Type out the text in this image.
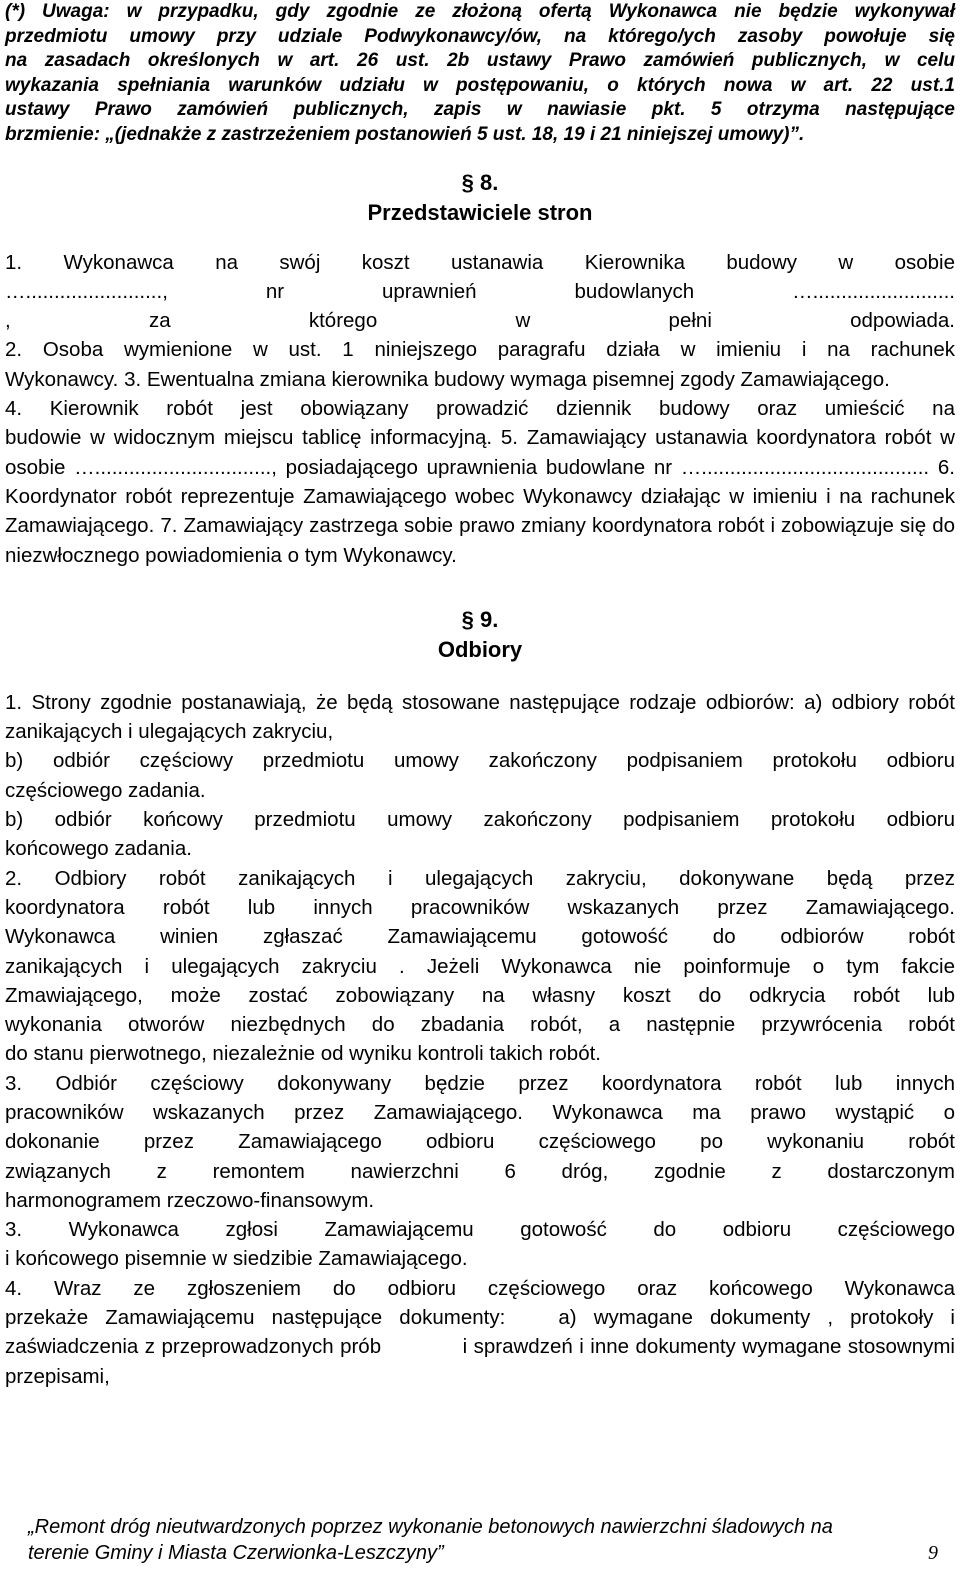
(*) Uwaga: w przypadku, gdy zgodnie ze złożoną ofertą Wykonawca nie będzie wykonywał
przedmiotu umowy przy udziale Podwykonawcy/ów, na którego/ych zasoby powołuje się
na zasadach określonych w art. 26 ust. 2b ustawy Prawo zamówień publicznych, w celu
wykazania spełniania warunków udziału w postępowaniu, o których nowa w art. 22 ust.1
ustawy Prawo zamówień publicznych, zapis w nawiasie pkt. 5 otrzyma następujące
brzmienie: „(jednakże z zastrzeżeniem postanowień 5 ust. 18, 19 i 21 niniejszej umowy)”.

§ 8.

Przedstawiciele stron

1. Wykonawca na swój koszt ustanawia Kierownika budowy w osobie
…........................, nr uprawnień budowlanych ….........................
, za którego w pełni odpowiada.
2. Osoba wymienione w ust. 1 niniejszego paragrafu działa w imieniu i na rachunek
Wykonawcy. 3. Ewentualna zmiana kierownika budowy wymaga pisemnej zgody Zamawiającego.
4. Kierownik robót jest obowiązany prowadzić dziennik budowy oraz umieścić na
budowie w widocznym miejscu tablicę informacyjną. 5. Zamawiający ustanawia koordynatora robót w osobie …..............................., posiadającego uprawnienia budowlane nr …........................................ 6. Koordynator robót reprezentuje Zamawiającego wobec Wykonawcy działając w imieniu i na rachunek Zamawiającego. 7. Zamawiający zastrzega sobie prawo zmiany koordynatora robót i zobowiązuje się do niezwłocznego powiadomienia o tym Wykonawcy.

§ 9.

Odbiory

1. Strony zgodnie postanawiają, że będą stosowane następujące rodzaje odbiorów: a) odbiory robót zanikających i ulegających zakryciu,
b) odbiór częściowy przedmiotu umowy zakończony podpisaniem protokołu odbioru
częściowego zadania.
b) odbiór końcowy przedmiotu umowy zakończony podpisaniem protokołu odbioru
końcowego zadania.
2. Odbiory robót zanikających i ulegających zakryciu, dokonywane będą przez
koordynatora robót lub innych pracowników wskazanych przez Zamawiającego.
Wykonawca winien zgłaszać Zamawiającemu gotowość do odbiorów robót
zanikających i ulegających zakryciu . Jeżeli Wykonawca nie poinformuje o tym fakcie
Zmawiającego, może zostać zobowiązany na własny koszt do odkrycia robót lub
wykonania otworów niezbędnych do zbadania robót, a następnie przywrócenia robót
do stanu pierwotnego, niezależnie od wyniku kontroli takich robót.
3. Odbiór częściowy dokonywany będzie przez koordynatora robót lub innych
pracowników wskazanych przez Zamawiającego. Wykonawca ma prawo wystąpić o
dokonanie przez Zamawiającego odbioru częściowego po wykonaniu robót
związanych z remontem nawierzchni 6 dróg, zgodnie z dostarczonym
harmonogramem rzeczowo-finansowym.
3. Wykonawca zgłosi Zamawiającemu gotowość do odbioru częściowego
i końcowego pisemnie w siedzibie Zamawiającego.
4. Wraz ze zgłoszeniem do odbioru częściowego oraz końcowego Wykonawca
przekaże Zamawiającemu następujące dokumenty:	a) wymagane dokumenty , protokoły i zaświadczenia z przeprowadzonych prób	i sprawdzeń i inne dokumenty wymagane stosownymi przepisami,
„Remont dróg nieutwardzonych poprzez wykonanie betonowych nawierzchni śladowych na
terenie Gminy i Miasta Czerwionka-Leszczyny”	9
